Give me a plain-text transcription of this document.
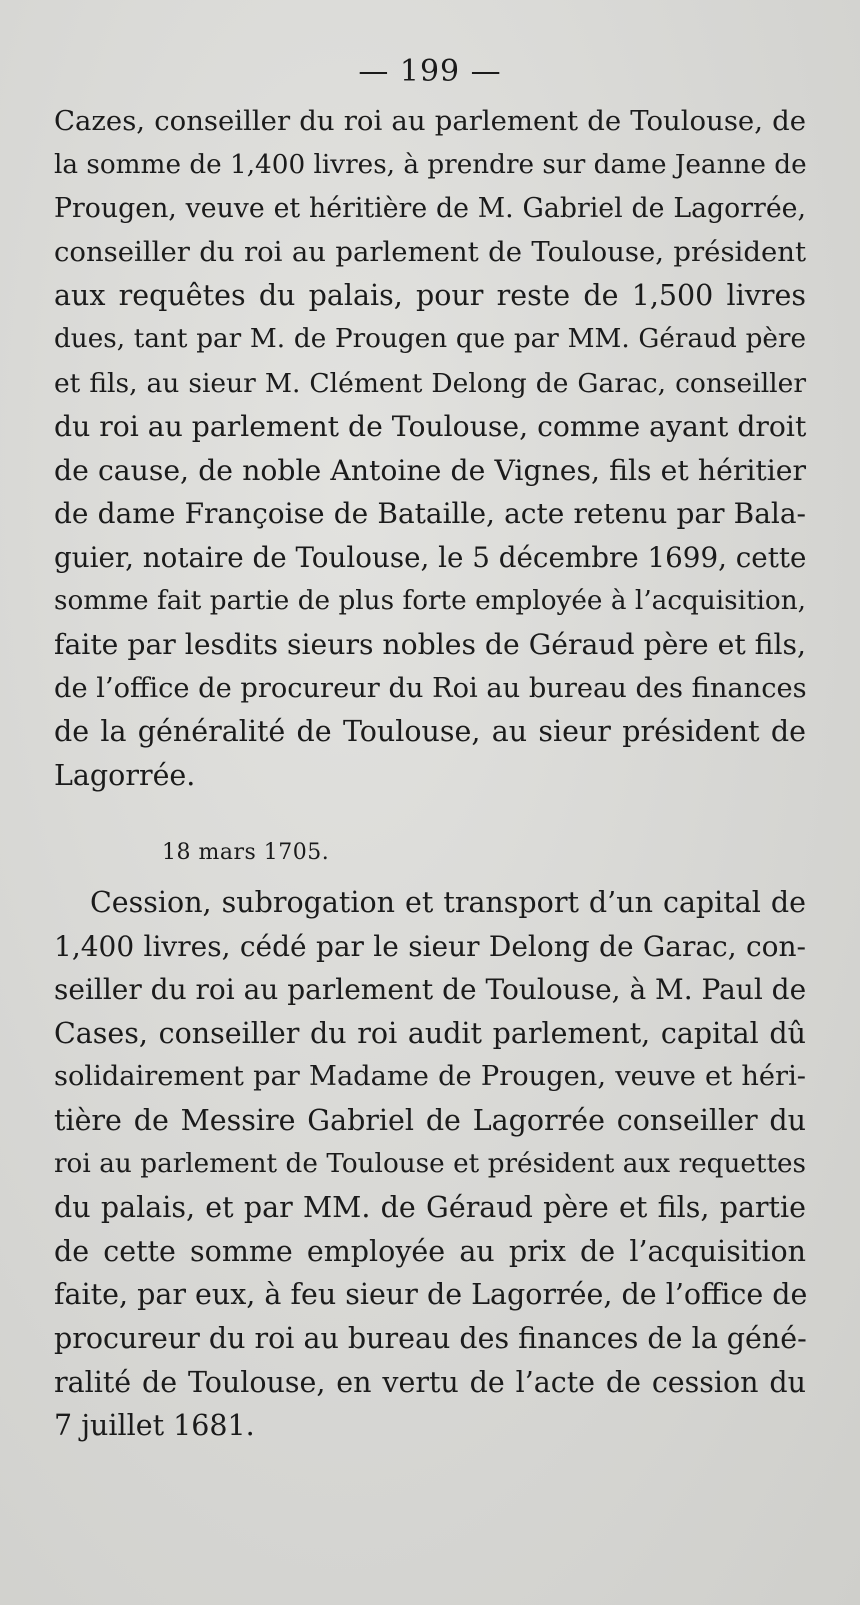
— 199 —

Cazes, conseiller du roi au parlement de Toulouse, de
la somme de 1,400 livres, à prendre sur dame Jeanne de
Prougen, veuve et héritière de M. Gabriel de Lagorrée,
conseiller du roi au parlement de Toulouse, président
aux requêtes du palais, pour reste de 1,500 livres
dues, tant par M. de Prougen que par MM. Géraud père
et fils, au sieur M. Clément Delong de Garac, conseiller
du roi au parlement de Toulouse, comme ayant droit
de cause, de noble Antoine de Vignes, fils et héritier
de dame Françoise de Bataille, acte retenu par Bala-
guier, notaire de Toulouse, le 5 décembre 1699, cette
somme fait partie de plus forte employée à l’acquisition,
faite par lesdits sieurs nobles de Géraud père et fils,
de l’office de procureur du Roi au bureau des finances
de la généralité de Toulouse, au sieur président de
Lagorrée.

18 mars 1705.

Cession, subrogation et transport d’un capital de
1,400 livres, cédé par le sieur Delong de Garac, con-
seiller du roi au parlement de Toulouse, à M. Paul de
Cases, conseiller du roi audit parlement, capital dû
solidairement par Madame de Prougen, veuve et héri-
tière de Messire Gabriel de Lagorrée conseiller du
roi au parlement de Toulouse et président aux requettes
du palais, et par MM. de Géraud père et fils, partie
de cette somme employée au prix de l’acquisition
faite, par eux, à feu sieur de Lagorrée, de l’office de
procureur du roi au bureau des finances de la géné-
ralité de Toulouse, en vertu de l’acte de cession du
7 juillet 1681.
